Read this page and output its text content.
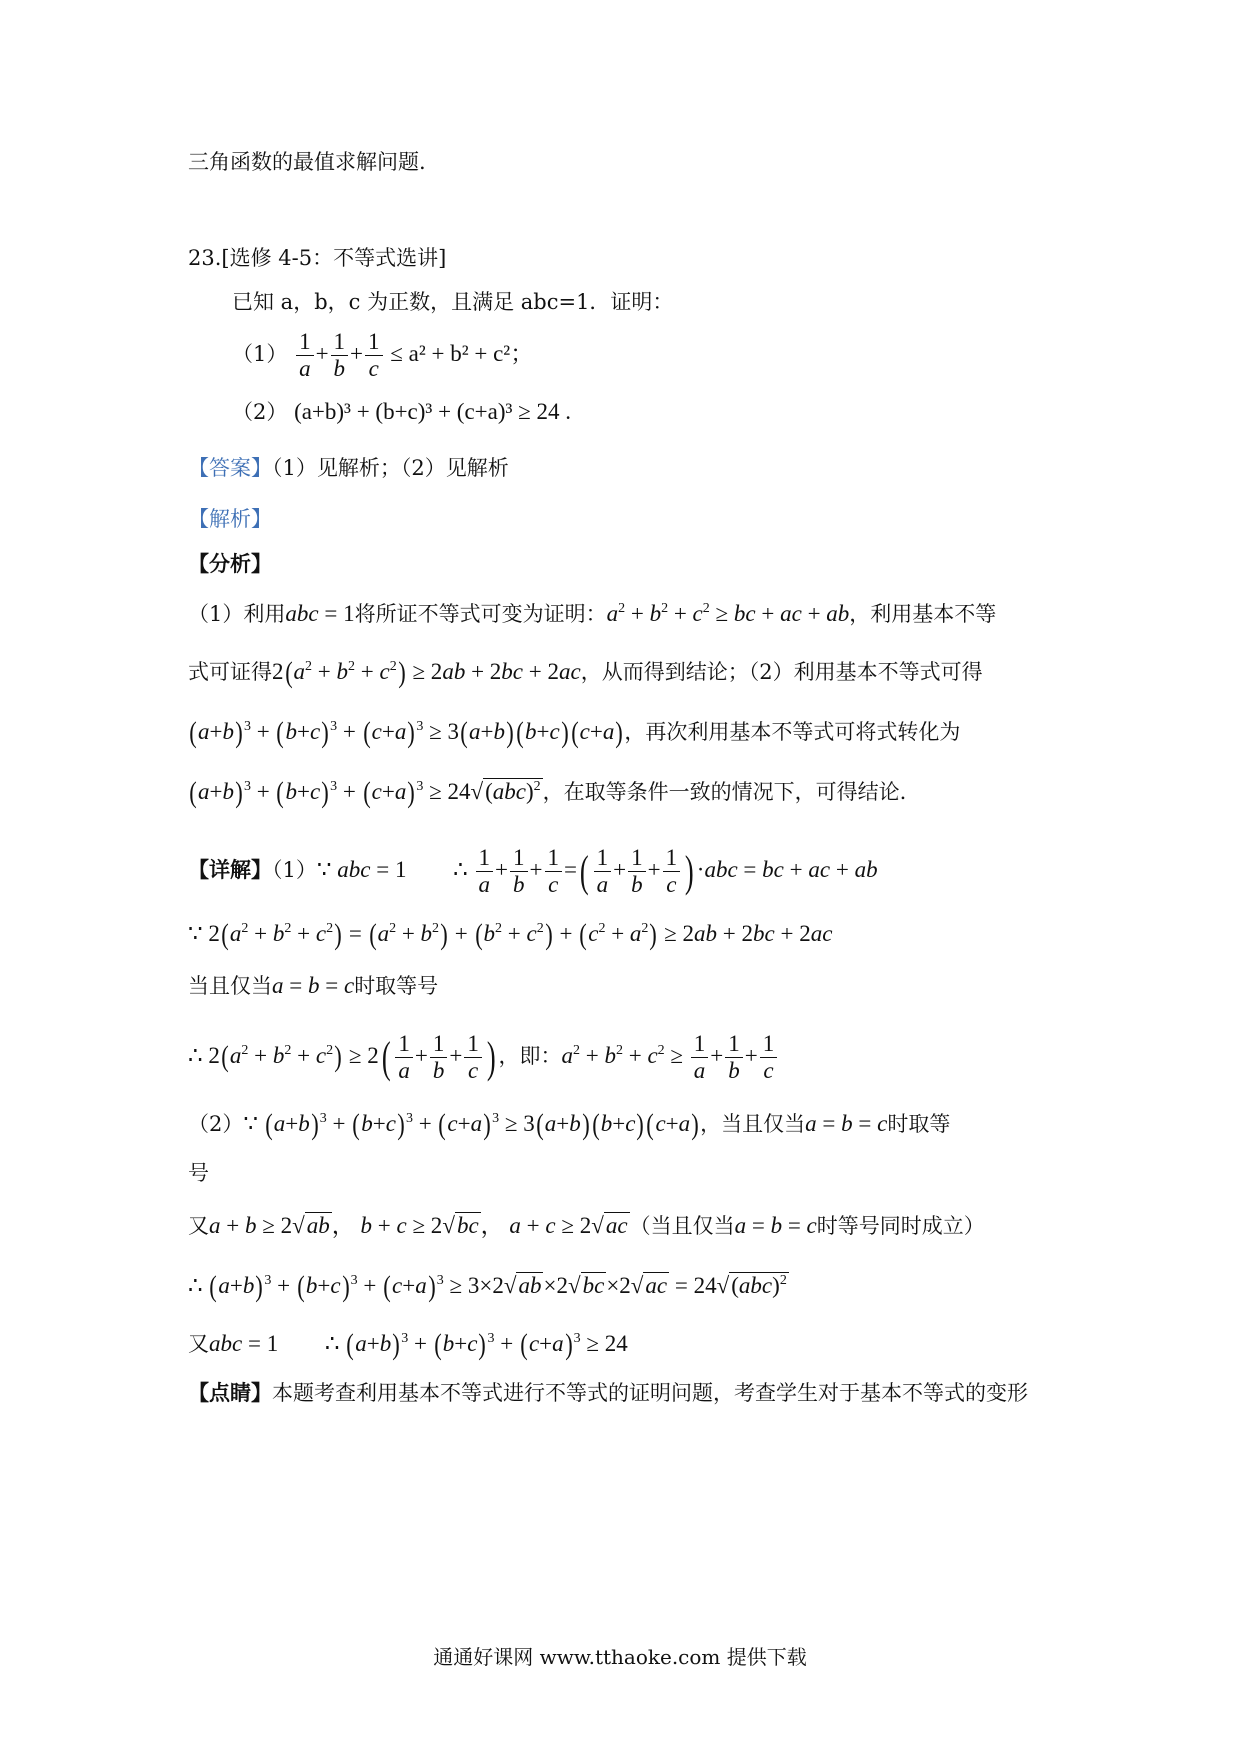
三角函数的最值求解问题.
23.[选修 4-5：不等式选讲]
已知 a，b，c 为正数，且满足 abc=1．证明：
$(1) \frac{1}{a} + \frac{1}{b} + \frac{1}{c} \le a^2 + b^2 + c^2$；
（2） (a+b)³ + (b+c)³ + (c+a)³ ≥ 24 .
【答案】（1）见解析；（2）见解析
【解析】
【分析】
（1）利用abc = 1将所证不等式可变为证明：$a^2 + b^2 + c^2$ ≥ bc + ac + ab，利用基本不等
式可证得$2(a^2 + b^2 + c^2) \ge 2ab + 2bc + 2ac$，从而得到结论；（2）利用基本不等式可得
$(a+b)^3 + (b+c)^3 + (c+a)^3 \ge 3(a+b)(b+c)(c+a)$，再次利用基本不等式可将式转化为
$(a+b)^3 + (b+c)^3 + (c+a)^3 \ge 24√(abc)^2$，在取等条件一致的情况下，可得结论.
【详解】（1）∵ abc = 1 ∴ $\frac{1}{a} + \frac{1}{b} + \frac{1}{c}$ =( $\frac{1}{a} + \frac{1}{b} + \frac{1}{c}$ ) ·abc = bc + ac + ab
∵ $2(a^2 + b^2 + c^2) = (a^2 + b^2) + (b^2 + c^2) + (c^2 + a^2) \ge 2ab + 2bc + 2ac$
当且仅当a = b = c时取等号
∴ $2(a^2 + b^2 + c^2) \ge 2( \frac{1}{a} + \frac{1}{b} + \frac{1}{c}$ ) ，即：$a^2 + b^2 + c^2 \ge \frac{1}{a} + \frac{1}{b} + \frac{1}{c}$
（2）∵ $(a+b)^3 + (b+c)^3 + (c+a)^3 \ge 3(a+b)(b+c)(c+a)$，当且仅当a = b = c时取等
号
又a + b ≥ 2√ab， b + c ≥ 2√bc， a + c ≥ 2√ac（当且仅当a = b = c时等号同时成立）
∴ $(a+b)^3 + (b+c)^3 + (c+a)^3 \ge 3\times 2√ab\times 2√bc\times 2√ac = 24√(abc)^2$
又abc = 1 ∴ $(a+b)^3 + (b+c)^3 + (c+a)^3 \ge 24$
【点睛】本题考查利用基本不等式进行不等式的证明问题，考查学生对于基本不等式的变形
通通好课网 www.tthaoke.com 提供下载
